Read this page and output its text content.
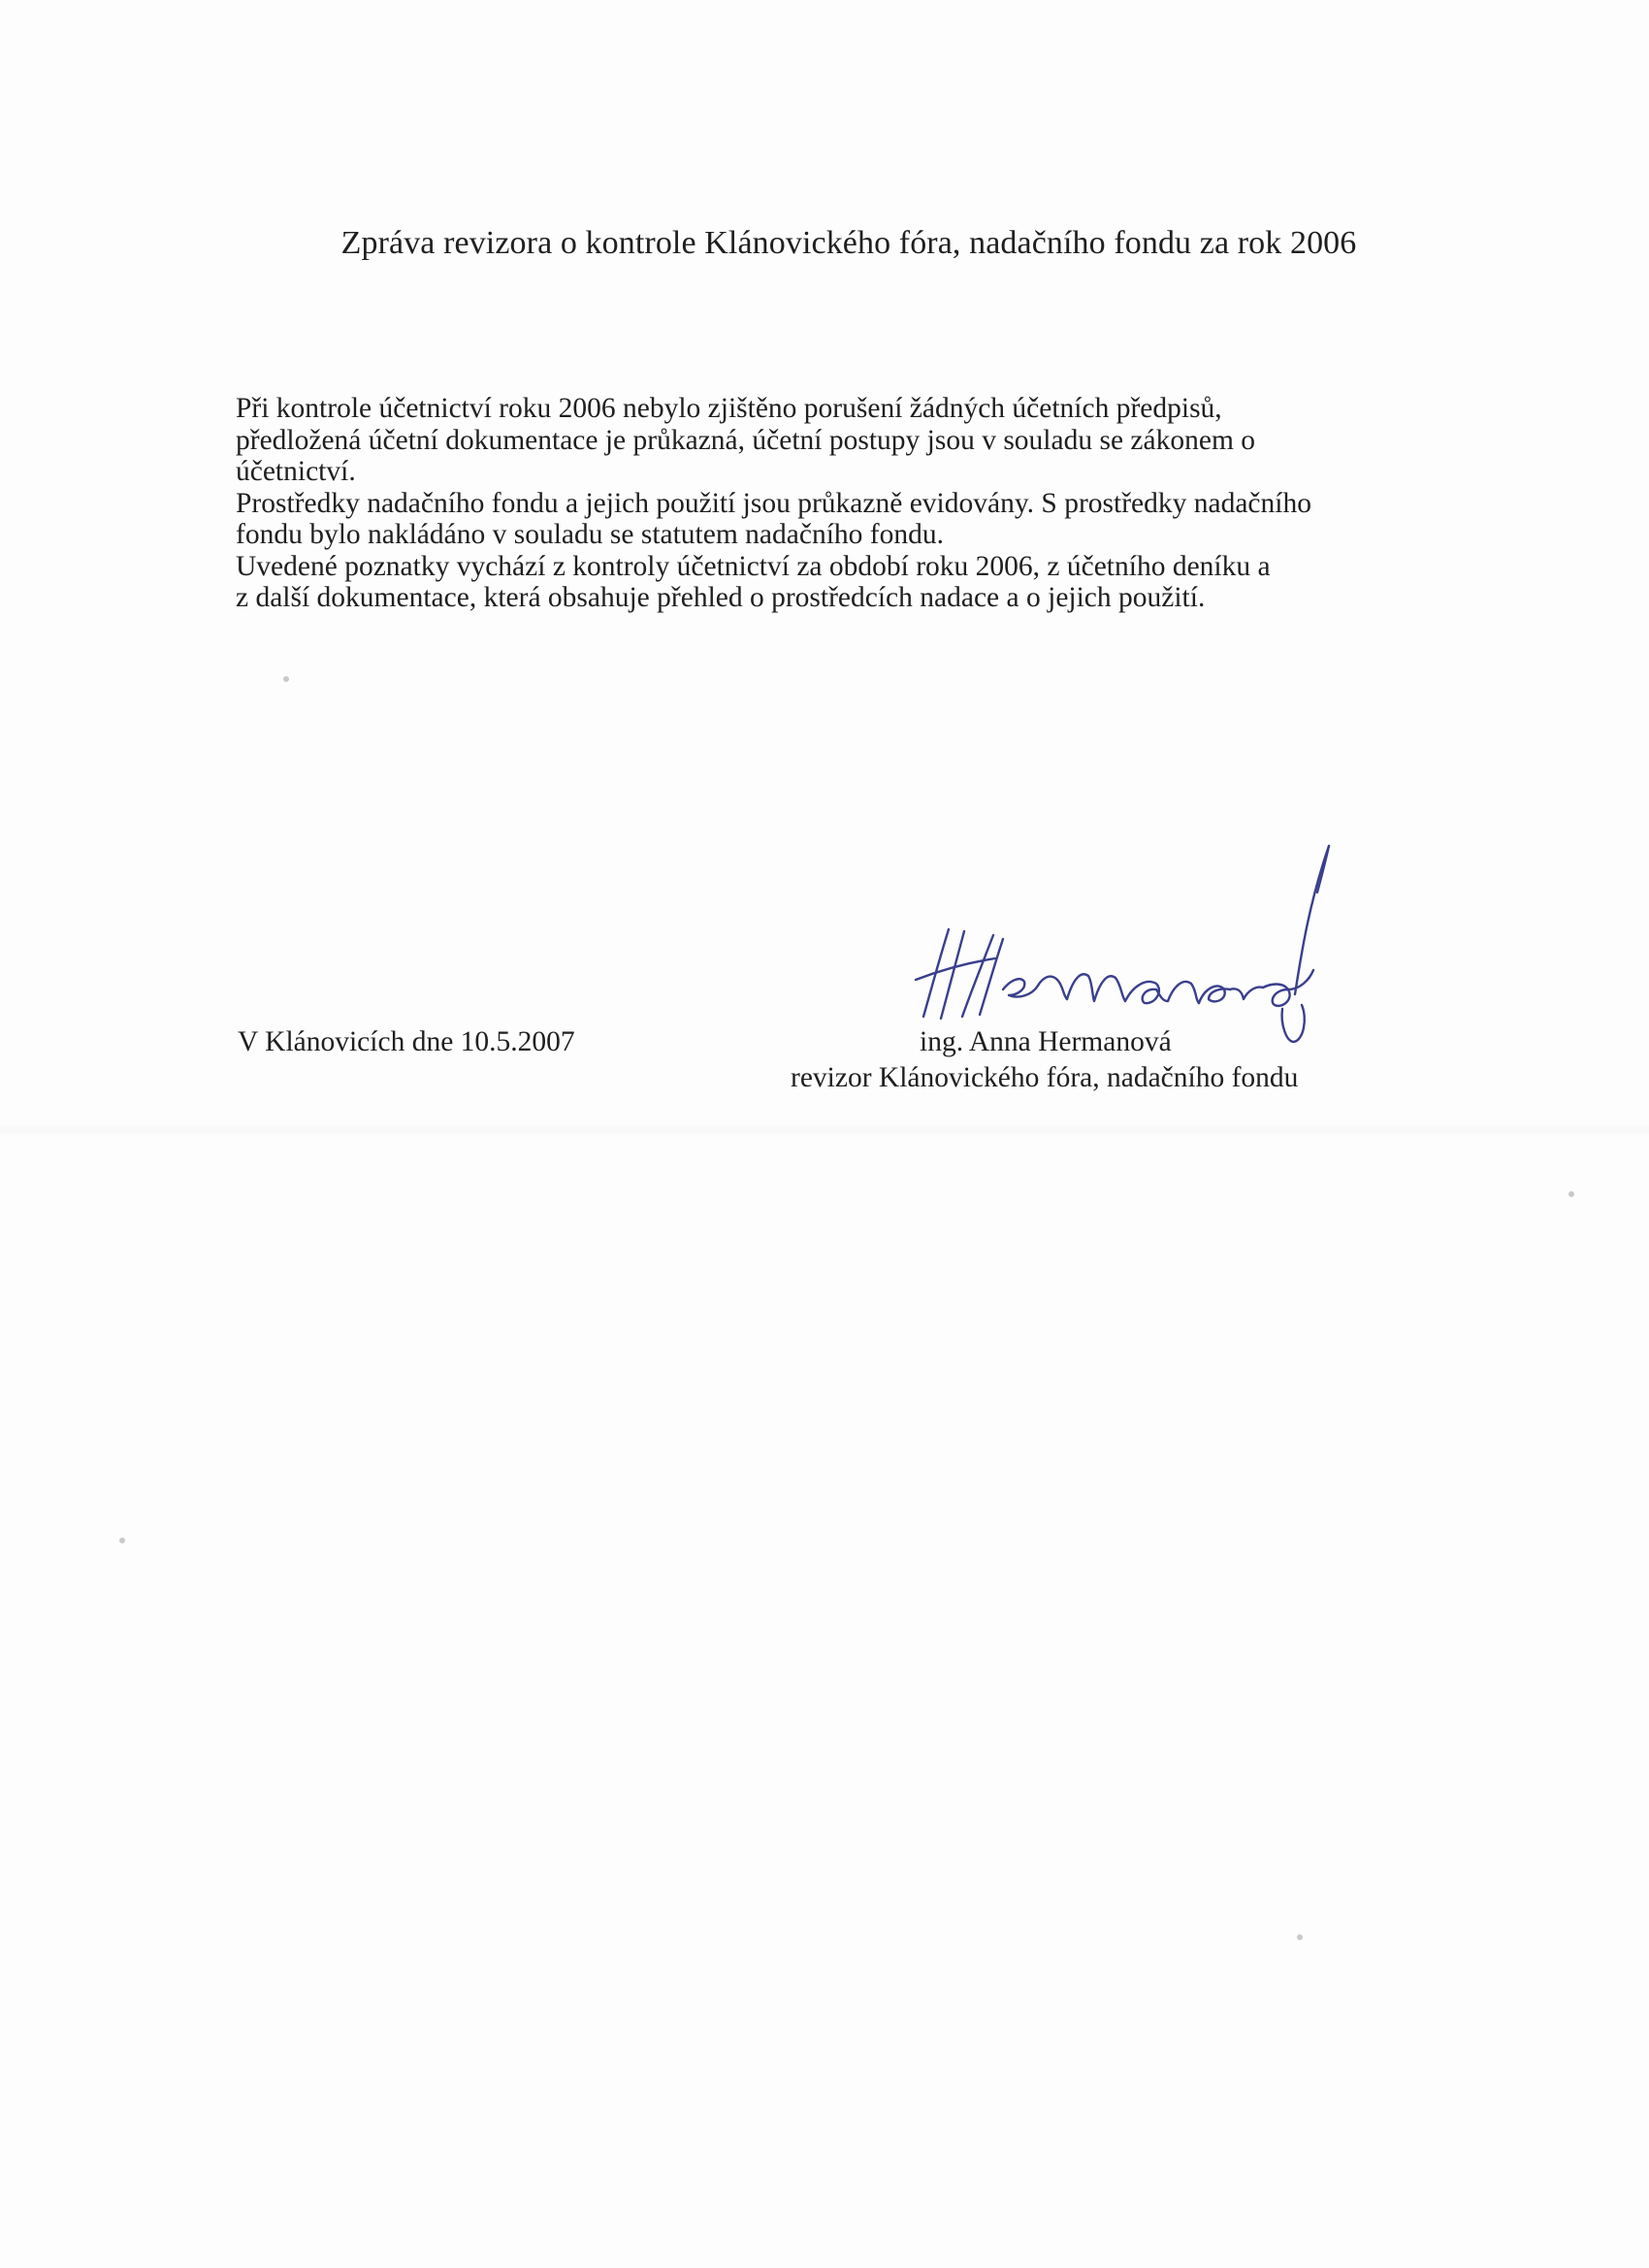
Zpráva revizora o kontrole Klánovického fóra, nadačního fondu za rok 2006
Při kontrole účetnictví roku 2006 nebylo zjištěno porušení žádných účetních předpisů,
předložená účetní dokumentace je průkazná, účetní postupy jsou v souladu se zákonem o
účetnictví.
Prostředky nadačního fondu a jejich použití jsou průkazně evidovány. S prostředky nadačního
fondu bylo nakládáno v souladu se statutem nadačního fondu.
Uvedené poznatky vychází z kontroly účetnictví za období roku 2006, z účetního deníku a
z další dokumentace, která obsahuje přehled o prostředcích nadace a o jejich použití.
V Klánovicích dne 10.5.2007	ing. Anna Hermanová
revizor Klánovického fóra, nadačního fondu
